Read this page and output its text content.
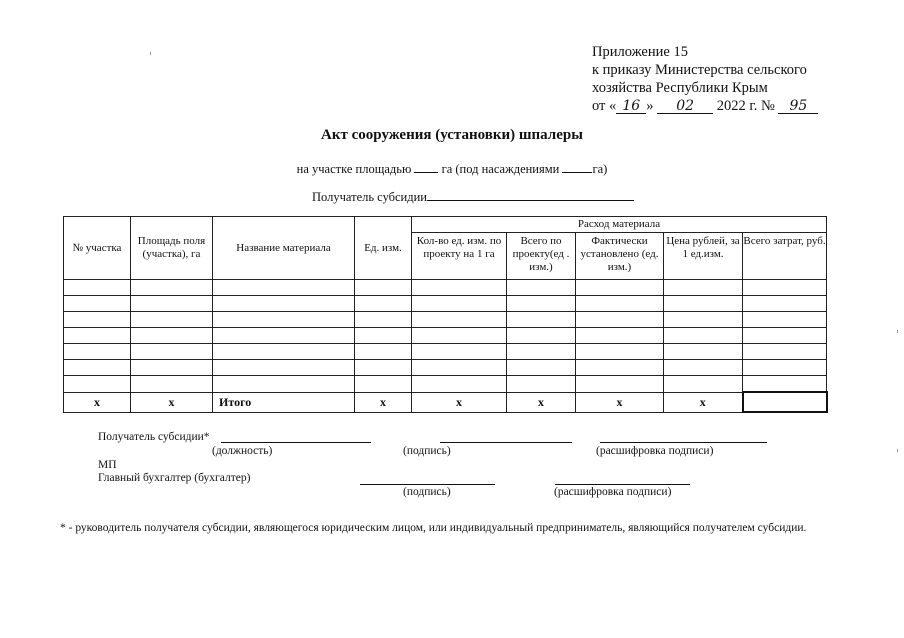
Приложение 15
к приказу Министерства сельского
хозяйства Республики Крым
от « 16 » 02 2022 г. № 95
Акт сооружения (установки) шпалеры
на участке площадью га (под насаждениями	га)
Получатель субсидии
№ участка	Площадь поля (участка), га	Название материала	Ед. изм.	Расход материала				
				Кол-во ед. изм. по проекту на 1 га	Всего по проекту(ед . изм.)	Фактически установлено (ед. изм.)	Цена рублей, за 1 ед.изм.	Всего затрат, руб.

x	x	Итого	x	x	x	x	x	
Получатель субсидии*
(должность)	(подпись)	(расшифровка подписи)
МП
Главный бухгалтер (бухгалтер)
(подпись)	(расшифровка подписи)
* - руководитель получателя субсидии, являющегося юридическим лицом, или индивидуальный предприниматель, являющийся получателем субсидии.
